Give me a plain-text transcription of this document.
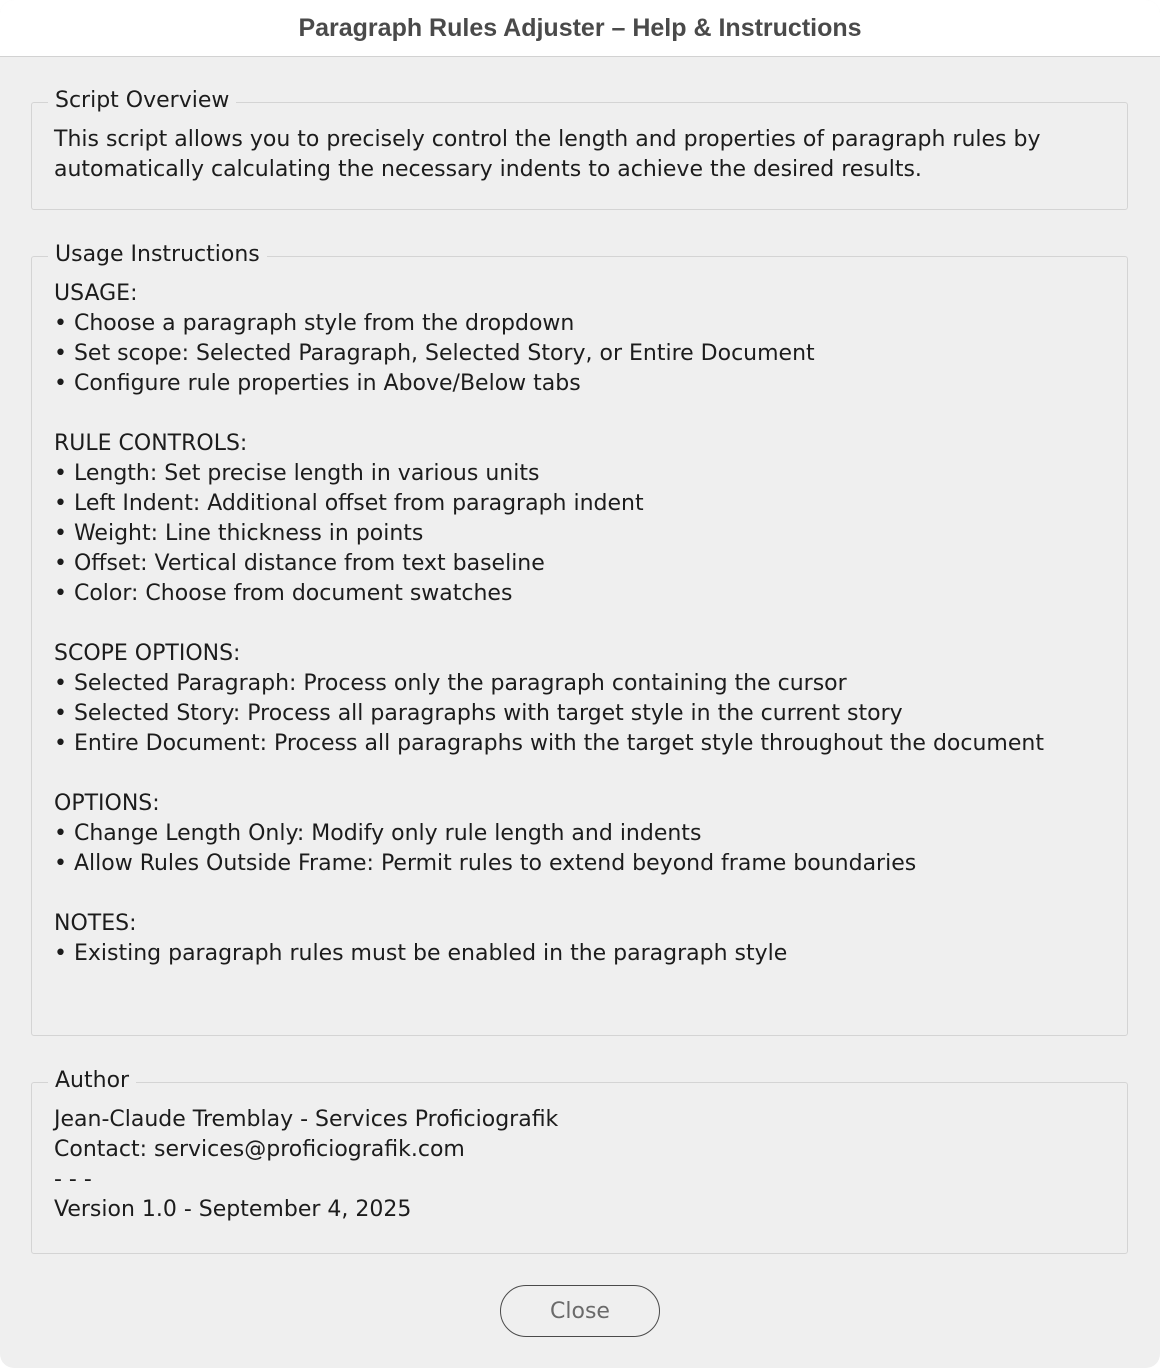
Paragraph Rules Adjuster – Help & Instructions
Script Overview
This script allows you to precisely control the length and properties of paragraph rules by automatically calculating the necessary indents to achieve the desired results.
Usage Instructions
USAGE:
• Choose a paragraph style from the dropdown
• Set scope: Selected Paragraph, Selected Story, or Entire Document
• Configure rule properties in Above/Below tabs

RULE CONTROLS:
• Length: Set precise length in various units
• Left Indent: Additional offset from paragraph indent
• Weight: Line thickness in points
• Offset: Vertical distance from text baseline
• Color: Choose from document swatches

SCOPE OPTIONS:
• Selected Paragraph: Process only the paragraph containing the cursor
• Selected Story: Process all paragraphs with target style in the current story
• Entire Document: Process all paragraphs with the target style throughout the document

OPTIONS:
• Change Length Only: Modify only rule length and indents
• Allow Rules Outside Frame: Permit rules to extend beyond frame boundaries

NOTES:
• Existing paragraph rules must be enabled in the paragraph style
Author
Jean-Claude Tremblay - Services Proficiografik
Contact: services@proficiografik.com
- - -
Version 1.0 - September 4, 2025
Close
